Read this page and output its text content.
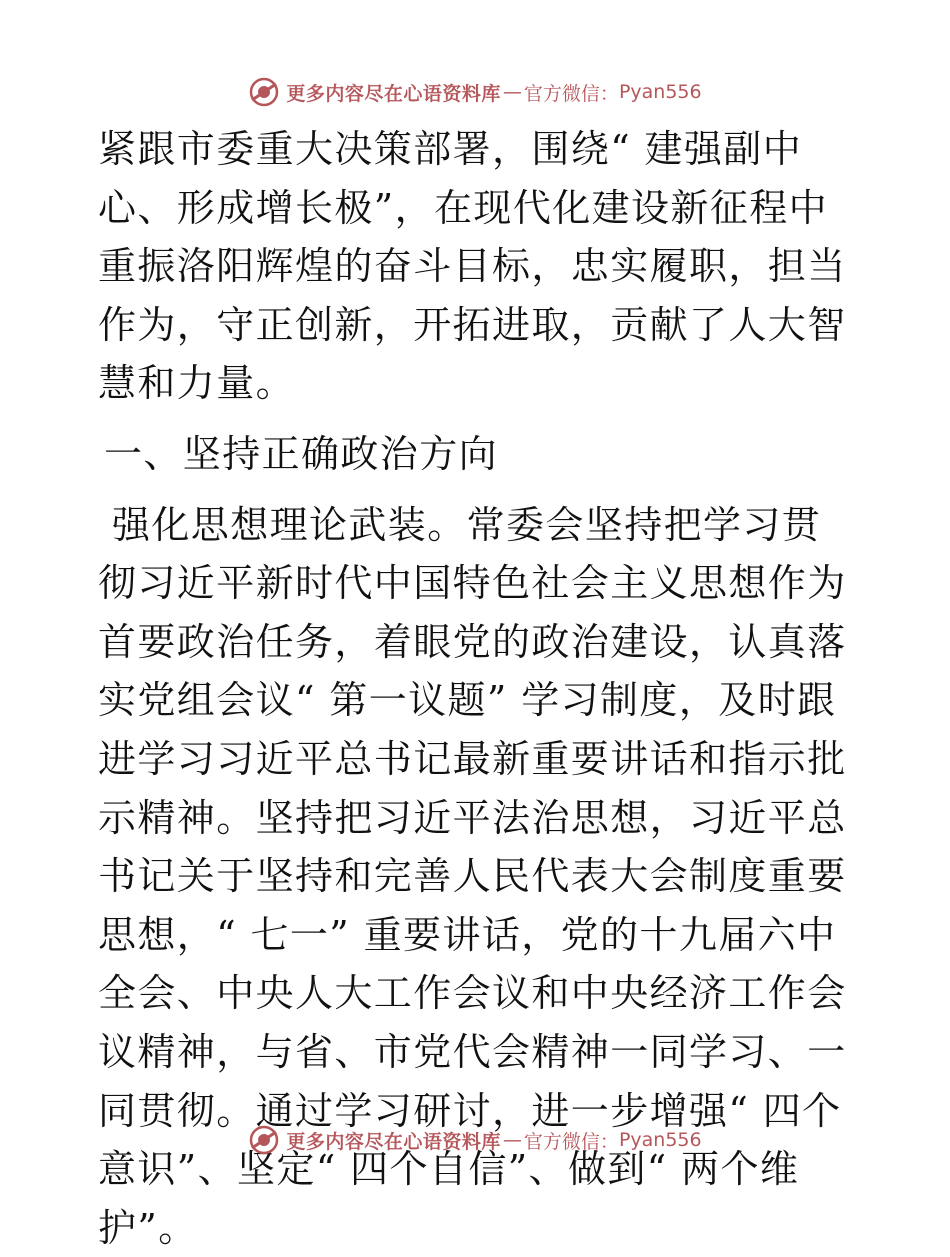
更多内容尽在心语资料库 — 官方微信： Pyan556

紧跟市委重大决策部署，围绕“ 建强副中心、形成增长极”，在现代化建设新征程中重振洛阳辉煌的奋斗目标，忠实履职，担当作为，守正创新，开拓进取，贡献了人大智慧和力量。

一、坚持正确政治方向

强化思想理论武装。常委会坚持把学习贯彻习近平新时代中国特色社会主义思想作为首要政治任务，着眼党的政治建设，认真落实党组会议“ 第一议题” 学习制度，及时跟进学习习近平总书记最新重要讲话和指示批示精神。坚持把习近平法治思想，习近平总书记关于坚持和完善人民代表大会制度重要思想，“ 七一” 重要讲话，党的十九届六中全会、中央人大工作会议和中央经济工作会议精神，与省、市党代会精神一同学习、一同贯彻。通过学习研讨，进一步增强“ 四个意识”、坚定“ 四个自信”、做到“ 两个维护”。

更多内容尽在心语资料库 — 官方微信： Pyan556
